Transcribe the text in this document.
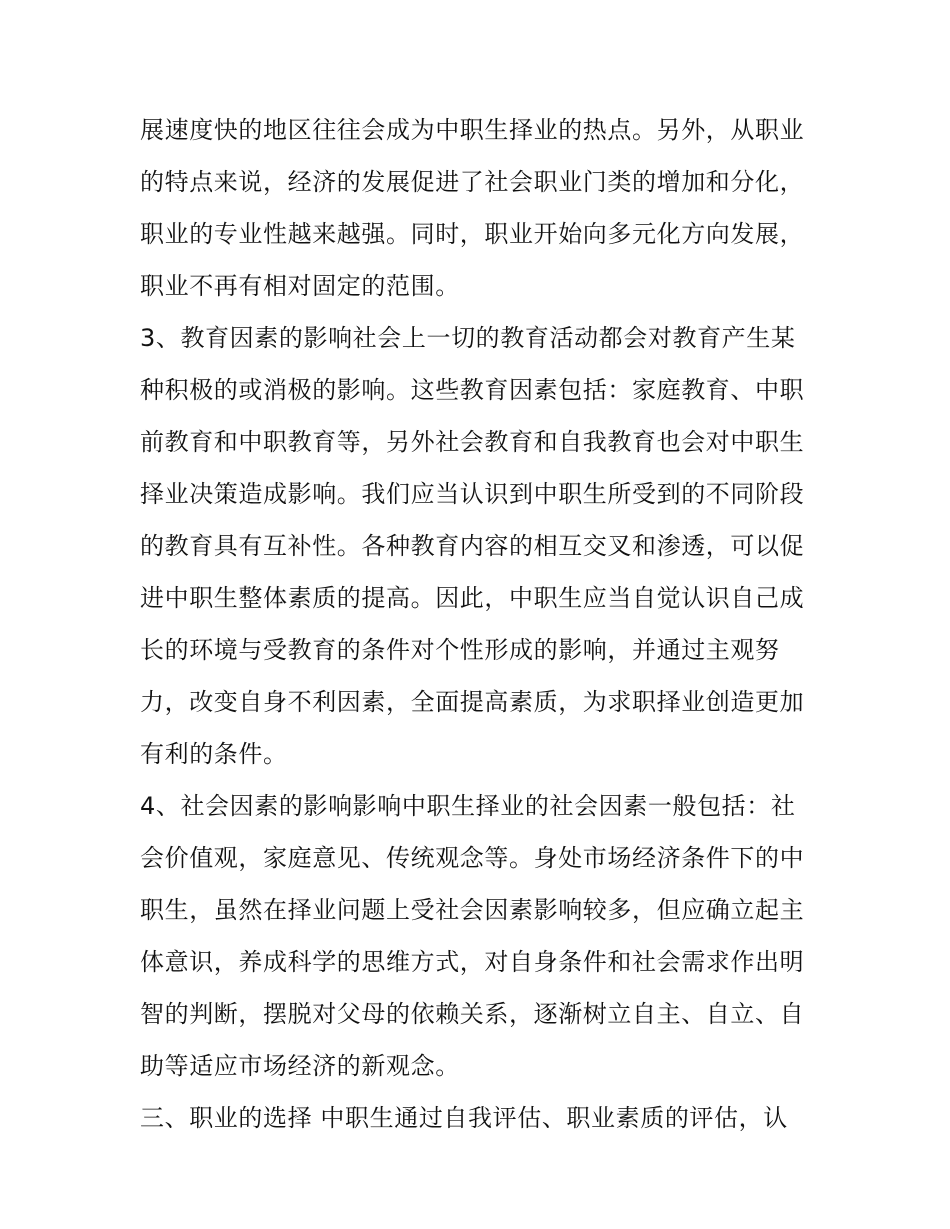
展速度快的地区往往会成为中职生择业的热点。另外，从职业
的特点来说，经济的发展促进了社会职业门类的增加和分化，
职业的专业性越来越强。同时，职业开始向多元化方向发展，
职业不再有相对固定的范围。
3、教育因素的影响社会上一切的教育活动都会对教育产生某
种积极的或消极的影响。这些教育因素包括：家庭教育、中职
前教育和中职教育等，另外社会教育和自我教育也会对中职生
择业决策造成影响。我们应当认识到中职生所受到的不同阶段
的教育具有互补性。各种教育内容的相互交叉和渗透，可以促
进中职生整体素质的提高。因此，中职生应当自觉认识自己成
长的环境与受教育的条件对个性形成的影响，并通过主观努
力，改变自身不利因素，全面提高素质，为求职择业创造更加
有利的条件。
4、社会因素的影响影响中职生择业的社会因素一般包括：社
会价值观，家庭意见、传统观念等。身处市场经济条件下的中
职生，虽然在择业问题上受社会因素影响较多，但应确立起主
体意识，养成科学的思维方式，对自身条件和社会需求作出明
智的判断，摆脱对父母的依赖关系，逐渐树立自主、自立、自
助等适应市场经济的新观念。
三、职业的选择 中职生通过自我评估、职业素质的评估，认
